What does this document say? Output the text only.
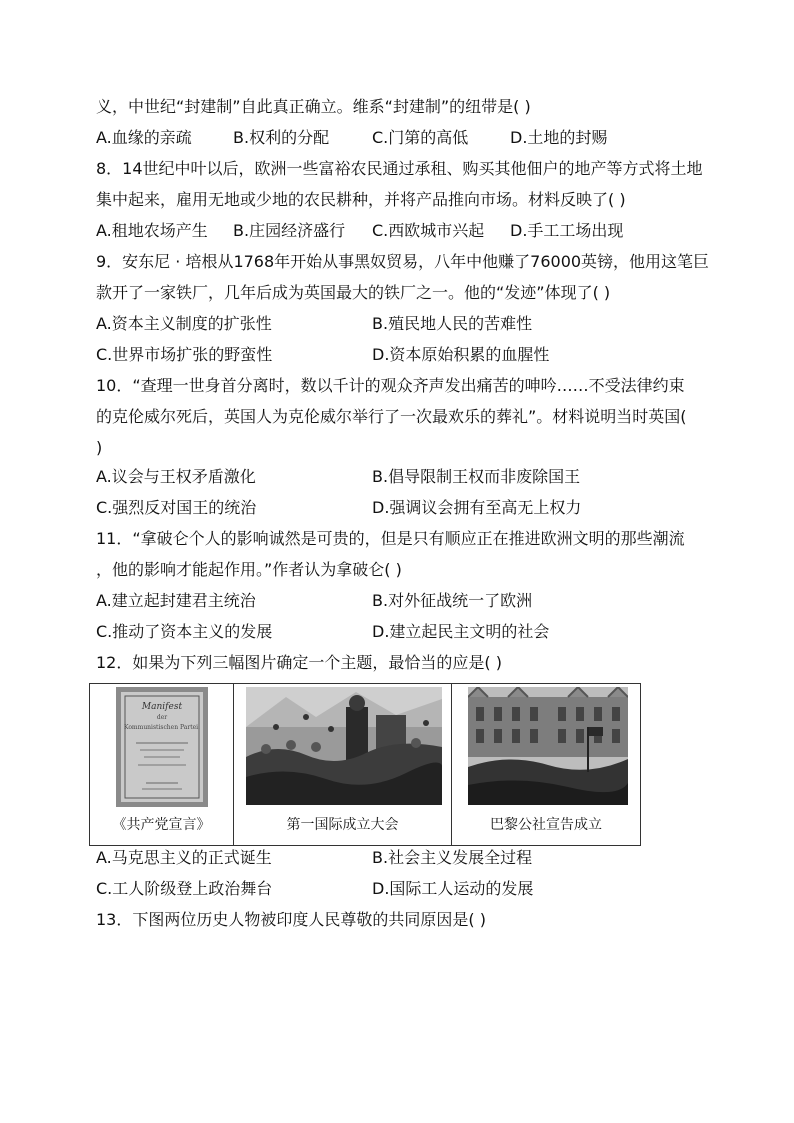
义，中世纪“封建制”自此真正确立。维系“封建制”的纽带是( )
A.血缘的亲疏	B.权利的分配	C.门第的高低	D.土地的封赐
8．14世纪中叶以后，欧洲一些富裕农民通过承租、购买其他佃户的地产等方式将土地
集中起来，雇用无地或少地的农民耕种，并将产品推向市场。材料反映了( )
A.租地农场产生 B.庄园经济盛行 C.西欧城市兴起 D.手工工场出现
9．安东尼 · 培根从1768年开始从事黑奴贸易，八年中他赚了76000英镑，他用这笔巨
款开了一家铁厂，几年后成为英国最大的铁厂之一。他的“发迹”体现了( )
A.资本主义制度的扩张性	B.殖民地人民的苦难性
C.世界市场扩张的野蛮性	D.资本原始积累的血腥性
10．“查理一世身首分离时，数以千计的观众齐声发出痛苦的呻吟……不受法律约束
的克伦威尔死后，英国人为克伦威尔举行了一次最欢乐的葬礼”。材料说明当时英国(
)
A.议会与王权矛盾激化	B.倡导限制王权而非废除国王
C.强烈反对国王的统治	D.强调议会拥有至高无上权力
11．“拿破仑个人的影响诚然是可贵的，但是只有顺应正在推进欧洲文明的那些潮流
，他的影响才能起作用。”作者认为拿破仑( )
A.建立起封建君主统治	B.对外征战统一了欧洲
C.推动了资本主义的发展	D.建立起民主文明的社会
12．如果为下列三幅图片确定一个主题，最恰当的应是( )
Manifest
der
Kommunistischen Partei.
《共产党宣言》	第一国际成立大会	巴黎公社宣告成立
A.马克思主义的正式诞生	B.社会主义发展全过程
C.工人阶级登上政治舞台	D.国际工人运动的发展
13．下图两位历史人物被印度人民尊敬的共同原因是( )
